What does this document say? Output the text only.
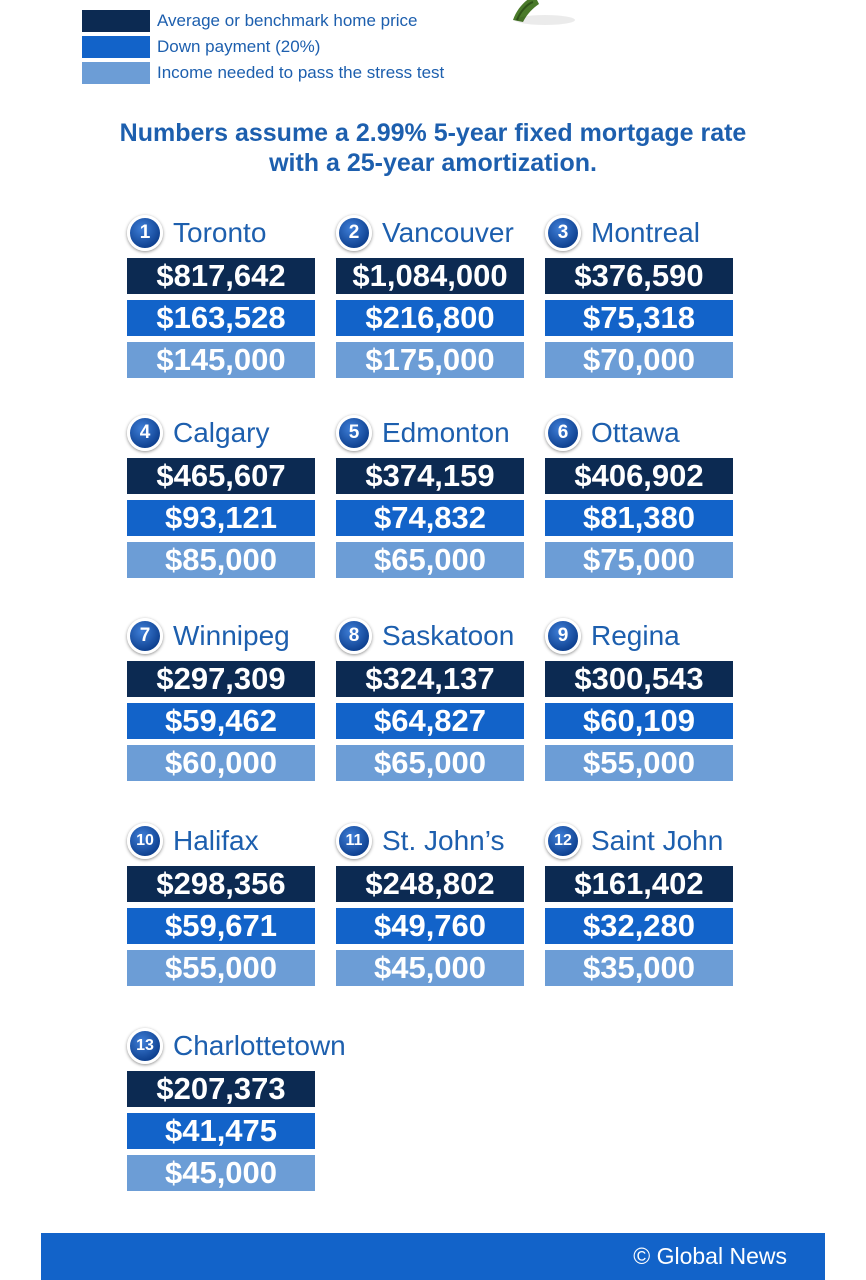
Average or benchmark home price
Down payment (20%)
Income needed to pass the stress test
Numbers assume a 2.99% 5-year fixed mortgage rate
with a 25-year amortization.
1 Toronto
$817,642
$163,528
$145,000
2 Vancouver
$1,084,000
$216,800
$175,000
3 Montreal
$376,590
$75,318
$70,000
4 Calgary
$465,607
$93,121
$85,000
5 Edmonton
$374,159
$74,832
$65,000
6 Ottawa
$406,902
$81,380
$75,000
7 Winnipeg
$297,309
$59,462
$60,000
8 Saskatoon
$324,137
$64,827
$65,000
9 Regina
$300,543
$60,109
$55,000
10 Halifax
$298,356
$59,671
$55,000
11 St. John’s
$248,802
$49,760
$45,000
12 Saint John
$161,402
$32,280
$35,000
13 Charlottetown
$207,373
$41,475
$45,000
© Global News
